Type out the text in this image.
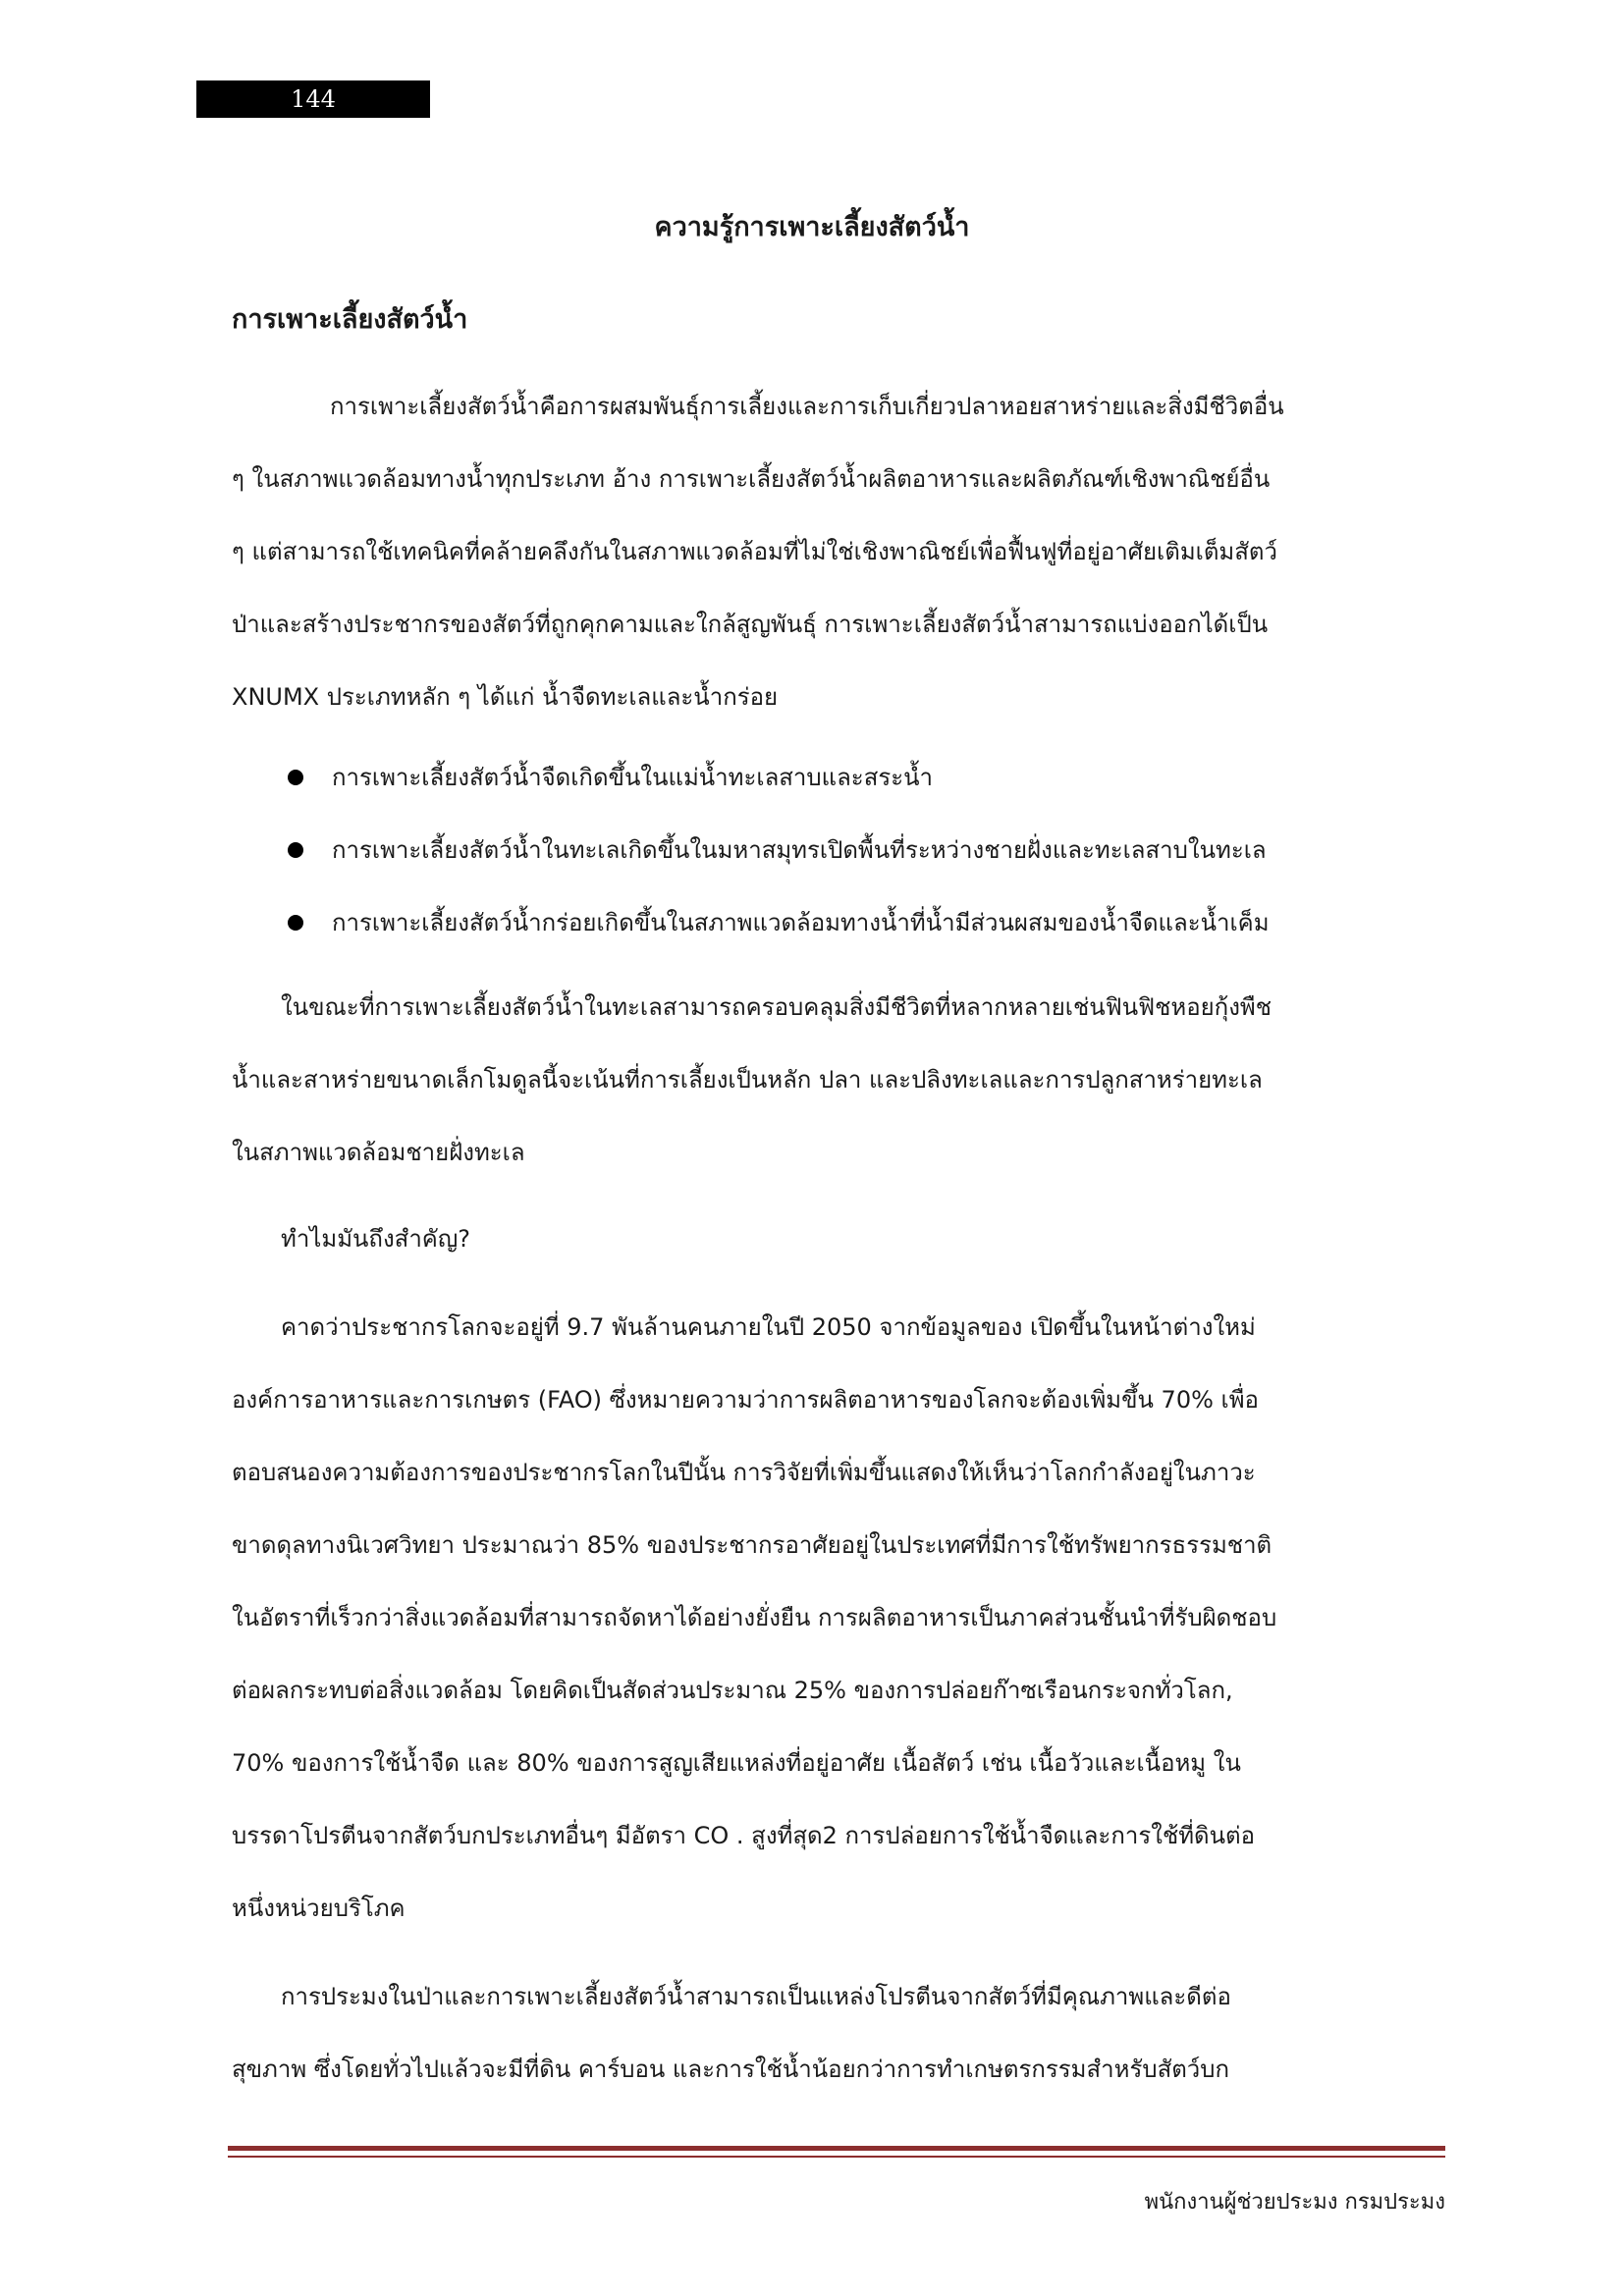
144
ความรู้การเพาะเลี้ยงสัตว์น้ำ
การเพาะเลี้ยงสัตว์น้ำ
การเพาะเลี้ยงสัตว์น้ำคือการผสมพันธุ์การเลี้ยงและการเก็บเกี่ยวปลาหอยสาหร่ายและสิ่งมีชีวิตอื่น
ๆ ในสภาพแวดล้อมทางน้ำทุกประเภท อ้าง การเพาะเลี้ยงสัตว์น้ำผลิตอาหารและผลิตภัณฑ์เชิงพาณิชย์อื่น
ๆ แต่สามารถใช้เทคนิคที่คล้ายคลึงกันในสภาพแวดล้อมที่ไม่ใช่เชิงพาณิชย์เพื่อฟื้นฟูที่อยู่อาศัยเติมเต็มสัตว์
ป่าและสร้างประชากรของสัตว์ที่ถูกคุกคามและใกล้สูญพันธุ์ การเพาะเลี้ยงสัตว์น้ำสามารถแบ่งออกได้เป็น
XNUMX ประเภทหลัก ๆ ได้แก่ น้ำจืดทะเลและน้ำกร่อย
การเพาะเลี้ยงสัตว์น้ำจืดเกิดขึ้นในแม่น้ำทะเลสาบและสระน้ำ
การเพาะเลี้ยงสัตว์น้ำในทะเลเกิดขึ้นในมหาสมุทรเปิดพื้นที่ระหว่างชายฝั่งและทะเลสาบในทะเล
การเพาะเลี้ยงสัตว์น้ำกร่อยเกิดขึ้นในสภาพแวดล้อมทางน้ำที่น้ำมีส่วนผสมของน้ำจืดและน้ำเค็ม
ในขณะที่การเพาะเลี้ยงสัตว์น้ำในทะเลสามารถครอบคลุมสิ่งมีชีวิตที่หลากหลายเช่นฟินฟิชหอยกุ้งพืช
น้ำและสาหร่ายขนาดเล็กโมดูลนี้จะเน้นที่การเลี้ยงเป็นหลัก ปลา และปลิงทะเลและการปลูกสาหร่ายทะเล
ในสภาพแวดล้อมชายฝั่งทะเล
ทำไมมันถึงสำคัญ?
คาดว่าประชากรโลกจะอยู่ที่ 9.7 พันล้านคนภายในปี 2050 จากข้อมูลของ เปิดขึ้นในหน้าต่างใหม่
องค์การอาหารและการเกษตร (FAO) ซึ่งหมายความว่าการผลิตอาหารของโลกจะต้องเพิ่มขึ้น 70% เพื่อ
ตอบสนองความต้องการของประชากรโลกในปีนั้น การวิจัยที่เพิ่มขึ้นแสดงให้เห็นว่าโลกกำลังอยู่ในภาวะ
ขาดดุลทางนิเวศวิทยา ประมาณว่า 85% ของประชากรอาศัยอยู่ในประเทศที่มีการใช้ทรัพยากรธรรมชาติ
ในอัตราที่เร็วกว่าสิ่งแวดล้อมที่สามารถจัดหาได้อย่างยั่งยืน การผลิตอาหารเป็นภาคส่วนชั้นนำที่รับผิดชอบ
ต่อผลกระทบต่อสิ่งแวดล้อม โดยคิดเป็นสัดส่วนประมาณ 25% ของการปล่อยก๊าซเรือนกระจกทั่วโลก,
70% ของการใช้น้ำจืด และ 80% ของการสูญเสียแหล่งที่อยู่อาศัย เนื้อสัตว์ เช่น เนื้อวัวและเนื้อหมู ใน
บรรดาโปรตีนจากสัตว์บกประเภทอื่นๆ มีอัตรา CO . สูงที่สุด2 การปล่อยการใช้น้ำจืดและการใช้ที่ดินต่อ
หนึ่งหน่วยบริโภค
การประมงในป่าและการเพาะเลี้ยงสัตว์น้ำสามารถเป็นแหล่งโปรตีนจากสัตว์ที่มีคุณภาพและดีต่อ
สุขภาพ ซึ่งโดยทั่วไปแล้วจะมีที่ดิน คาร์บอน และการใช้น้ำน้อยกว่าการทำเกษตรกรรมสำหรับสัตว์บก
พนักงานผู้ช่วยประมง กรมประมง
